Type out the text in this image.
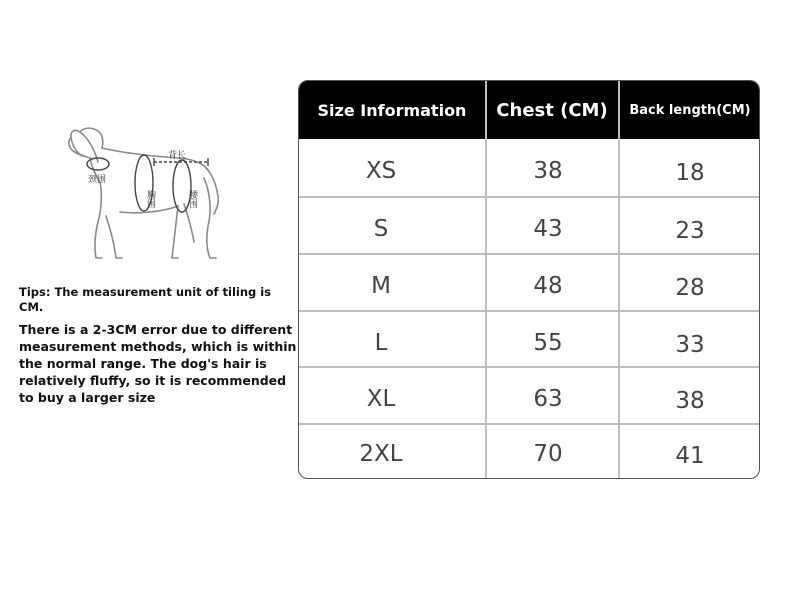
背长
颈围
胸围	腰围
Tips: The measurement unit of tiling is CM.
There is a 2-3CM error due to different measurement methods, which is within the normal range. The dog's hair is relatively fluffy, so it is recommended to buy a larger size
Size Information	Chest (CM)	Back length(CM)
XS	38	18
S	43	23
M	48	28
L	55	33
XL	63	38
2XL	70	41
